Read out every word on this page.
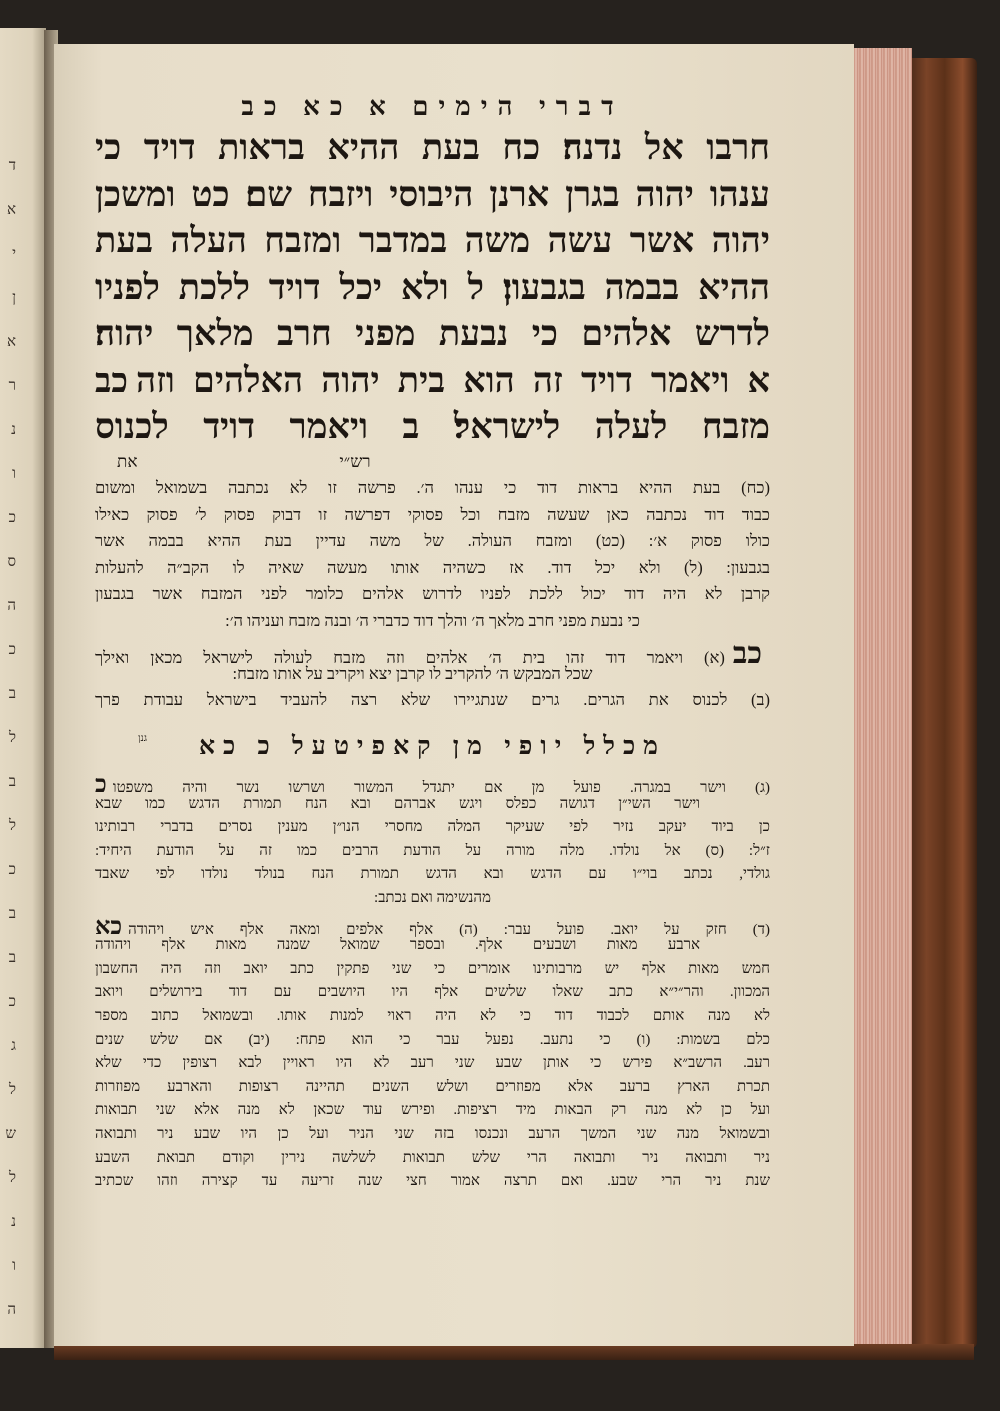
ד
א
י
ן
א
ר
נ
ו
כ
ס
ה
כ
ב
ל
ב
ל
כ
ב
ב
כ
ג
ל
ש
ל
נ
ו
ה
דברי הימים א כא כב
חרבו אל נדנה׃ כח בעת ההיא בראות דויד כי
ענהו יהוה בגרן ארנן היבוסי ויזבח שם׃ כט ומשכן
יהוה אשר עשה משה במדבר ומזבח העלה בעת
ההיא בבמה בגבעון׃ ל ולא יכל דויד ללכת לפניו
לדרש אלהים כי נבעת מפני חרב מלאך יהוה׃
כב א ויאמר דויד זה הוא בית יהוה האלהים וזה
מזבח לעלה לישראל׃ ב ויאמר דויד לכנוס
את	רש״י
(כח) בעת ההיא בראות דוד כי ענהו ה׳. פרשה זו לא נכתבה בשמואל ומשום
כבוד דוד נכתבה כאן שעשה מזבח וכל פסוקי דפרשה זו דבוק פסוק ל׳ פסוק כאילו
כולו פסוק א׳: (כט) ומזבח העולה. של משה עדיין בעת ההיא בבמה אשר
בגבעון: (ל) ולא יכל דוד. אז כשהיה אותו מעשה שאיה לו הקב״ה להעלות
קרבן לא היה דוד יכול ללכת לפניו לדרוש אלהים כלומר לפני המזבח אשר בגבעון
כי נבעת מפני חרב מלאך ה׳ והלך דוד כדברי ה׳ ובנה מזבח ועניהו ה׳:
(א) ויאמר דוד זהו בית ה׳ אלהים וזה מזבח לעולה לישראל מכאן ואילך כב
שכל המבקש ה׳ להקריב לו קרבן יצא ויקריב על אותו מזבח:
(ב) לכנוס את הגרים. גרים שנתגיירו שלא רצה להעביד בישראל עבודת פרך
גנן	מכלל יופי מן קאפיטעל כ כא
כ (ג) וישר במגרה. פועל מן אם יתגדל המשור ושרשו נשר והיה משפטו
וישר השי״ן דגושה כפלס ויגש אברהם ובא הנח תמורת הדגש כמו שבא
כן ביוד יעקב נזיר לפי שעיקר המלה מחסרי הנו״ן מענין נסרים בדברי רבותינו
ז״ל: (ס) אל נולדו. מלה מורה על הודעת הרבים כמו זה על הודעת היחיד:
גולדי, נכתב בוי״ו עם הדגש ובא הדגש תמורת הנח בנולד נולדו לפי שאבד
מהנשימה ואם נכתב:
כא (ד) חזק על יואב. פועל עבר: (ה) אלף אלפים ומאה אלף איש ויהודה
ארבע מאות ושבעים אלף. ובספר שמואל שמנה מאות אלף ויהודה
חמש מאות אלף יש מרבותינו אומרים כי שני פתקין כתב יואב וזה היה החשבון
המכוון. והר״י״א כתב שאלו שלשים אלף היו היושבים עם דוד בירושלים ויואב
לא מנה אותם לכבוד דוד כי לא היה ראוי למנות אותו. ובשמואל כתוב מספר
כלם בשמות: (ו) כי נתעב. נפעל עבר כי הוא פתח: (יב) אם שלש שנים
רעב. הרשב״א פירש כי אותן שבע שני רעב לא היו ראויין לבא רצופין כדי שלא
תכרת הארץ ברעב אלא מפוזרים ושלש השנים תהיינה רצופות והארבע מפוזרות
ועל כן לא מנה רק הבאות מיד רציפות. ופירש עוד שכאן לא מנה אלא שני תבואות
ובשמואל מנה שני המשך הרעב ונכנסו בזה שני הניר ועל כן היו שבע ניר ותבואה
ניר ותבואה ניר ותבואה הרי שלש תבואות לשלשה נירין וקודם תבואת השבע
שנת ניר הרי שבע. ואם תרצה אמור חצי שנה זריעה עד קצירה וזהו שכתיב
